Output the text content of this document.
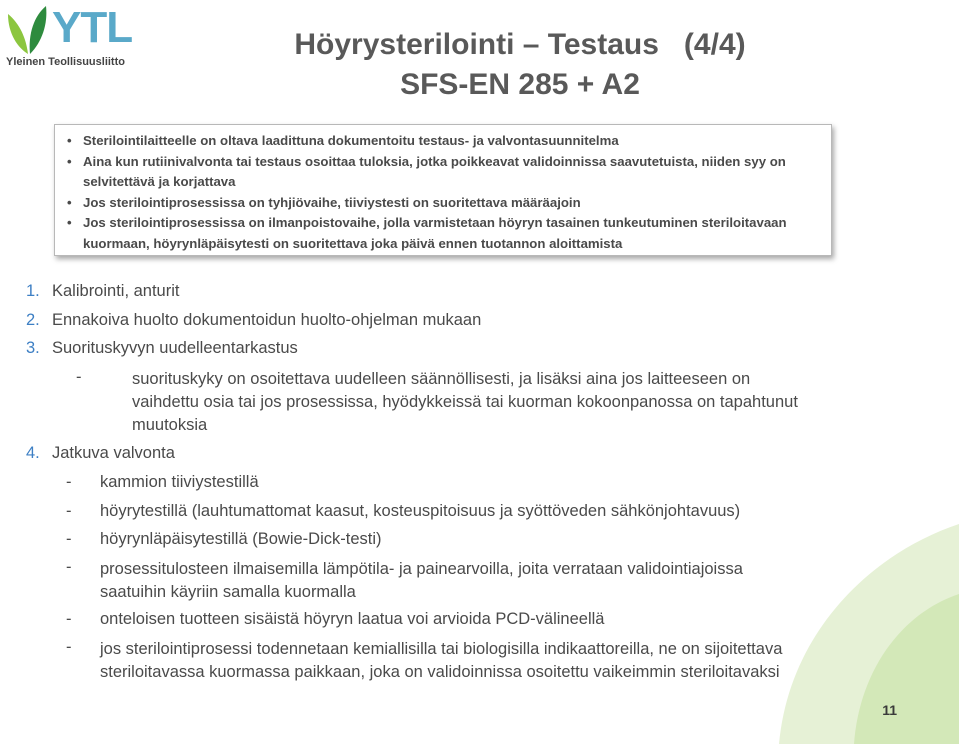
YTL
Yleinen Teollisuusliitto
Höyrysterilointi – Testaus   (4/4)
SFS-EN 285 + A2
• Sterilointilaitteelle on oltava laadittuna dokumentoitu testaus- ja valvontasuunnitelma
• Aina kun rutiinivalvonta tai testaus osoittaa tuloksia, jotka poikkeavat validoinnissa saavutetuista, niiden syy on selvitettävä ja korjattava
• Jos sterilointiprosessissa on tyhjiövaihe, tiiviystesti on suoritettava määräajoin
• Jos sterilointiprosessissa on ilmanpoistovaihe, jolla varmistetaan höyryn tasainen tunkeutuminen steriloitavaan kuormaan, höyrynläpäisytesti on suoritettava joka päivä ennen tuotannon aloittamista
1. Kalibrointi, anturit
2. Ennakoiva huolto dokumentoidun huolto-ohjelman mukaan
3. Suorituskyvyn uudelleentarkastus
-	suorituskyky on osoitettava uudelleen säännöllisesti, ja lisäksi aina jos laitteeseen on
vaihdettu osia tai jos prosessissa, hyödykkeissä tai kuorman kokoonpanossa on tapahtunut
muutoksia
4. Jatkuva valvonta
- kammion tiiviystestillä
- höyrytestillä (lauhtumattomat kaasut, kosteuspitoisuus ja syöttöveden sähkönjohtavuus)
- höyrynläpäisytestillä (Bowie-Dick-testi)
- prosessitulosteen ilmaisemilla lämpötila- ja painearvoilla, joita verrataan validointiajoissa
saatuihin käyriin samalla kuormalla
- onteloisen tuotteen sisäistä höyryn laatua voi arvioida PCD-välineellä
- jos sterilointiprosessi todennetaan kemiallisilla tai biologisilla indikaattoreilla, ne on sijoitettava
steriloitavassa kuormassa paikkaan, joka on validoinnissa osoitettu vaikeimmin steriloitavaksi
11
